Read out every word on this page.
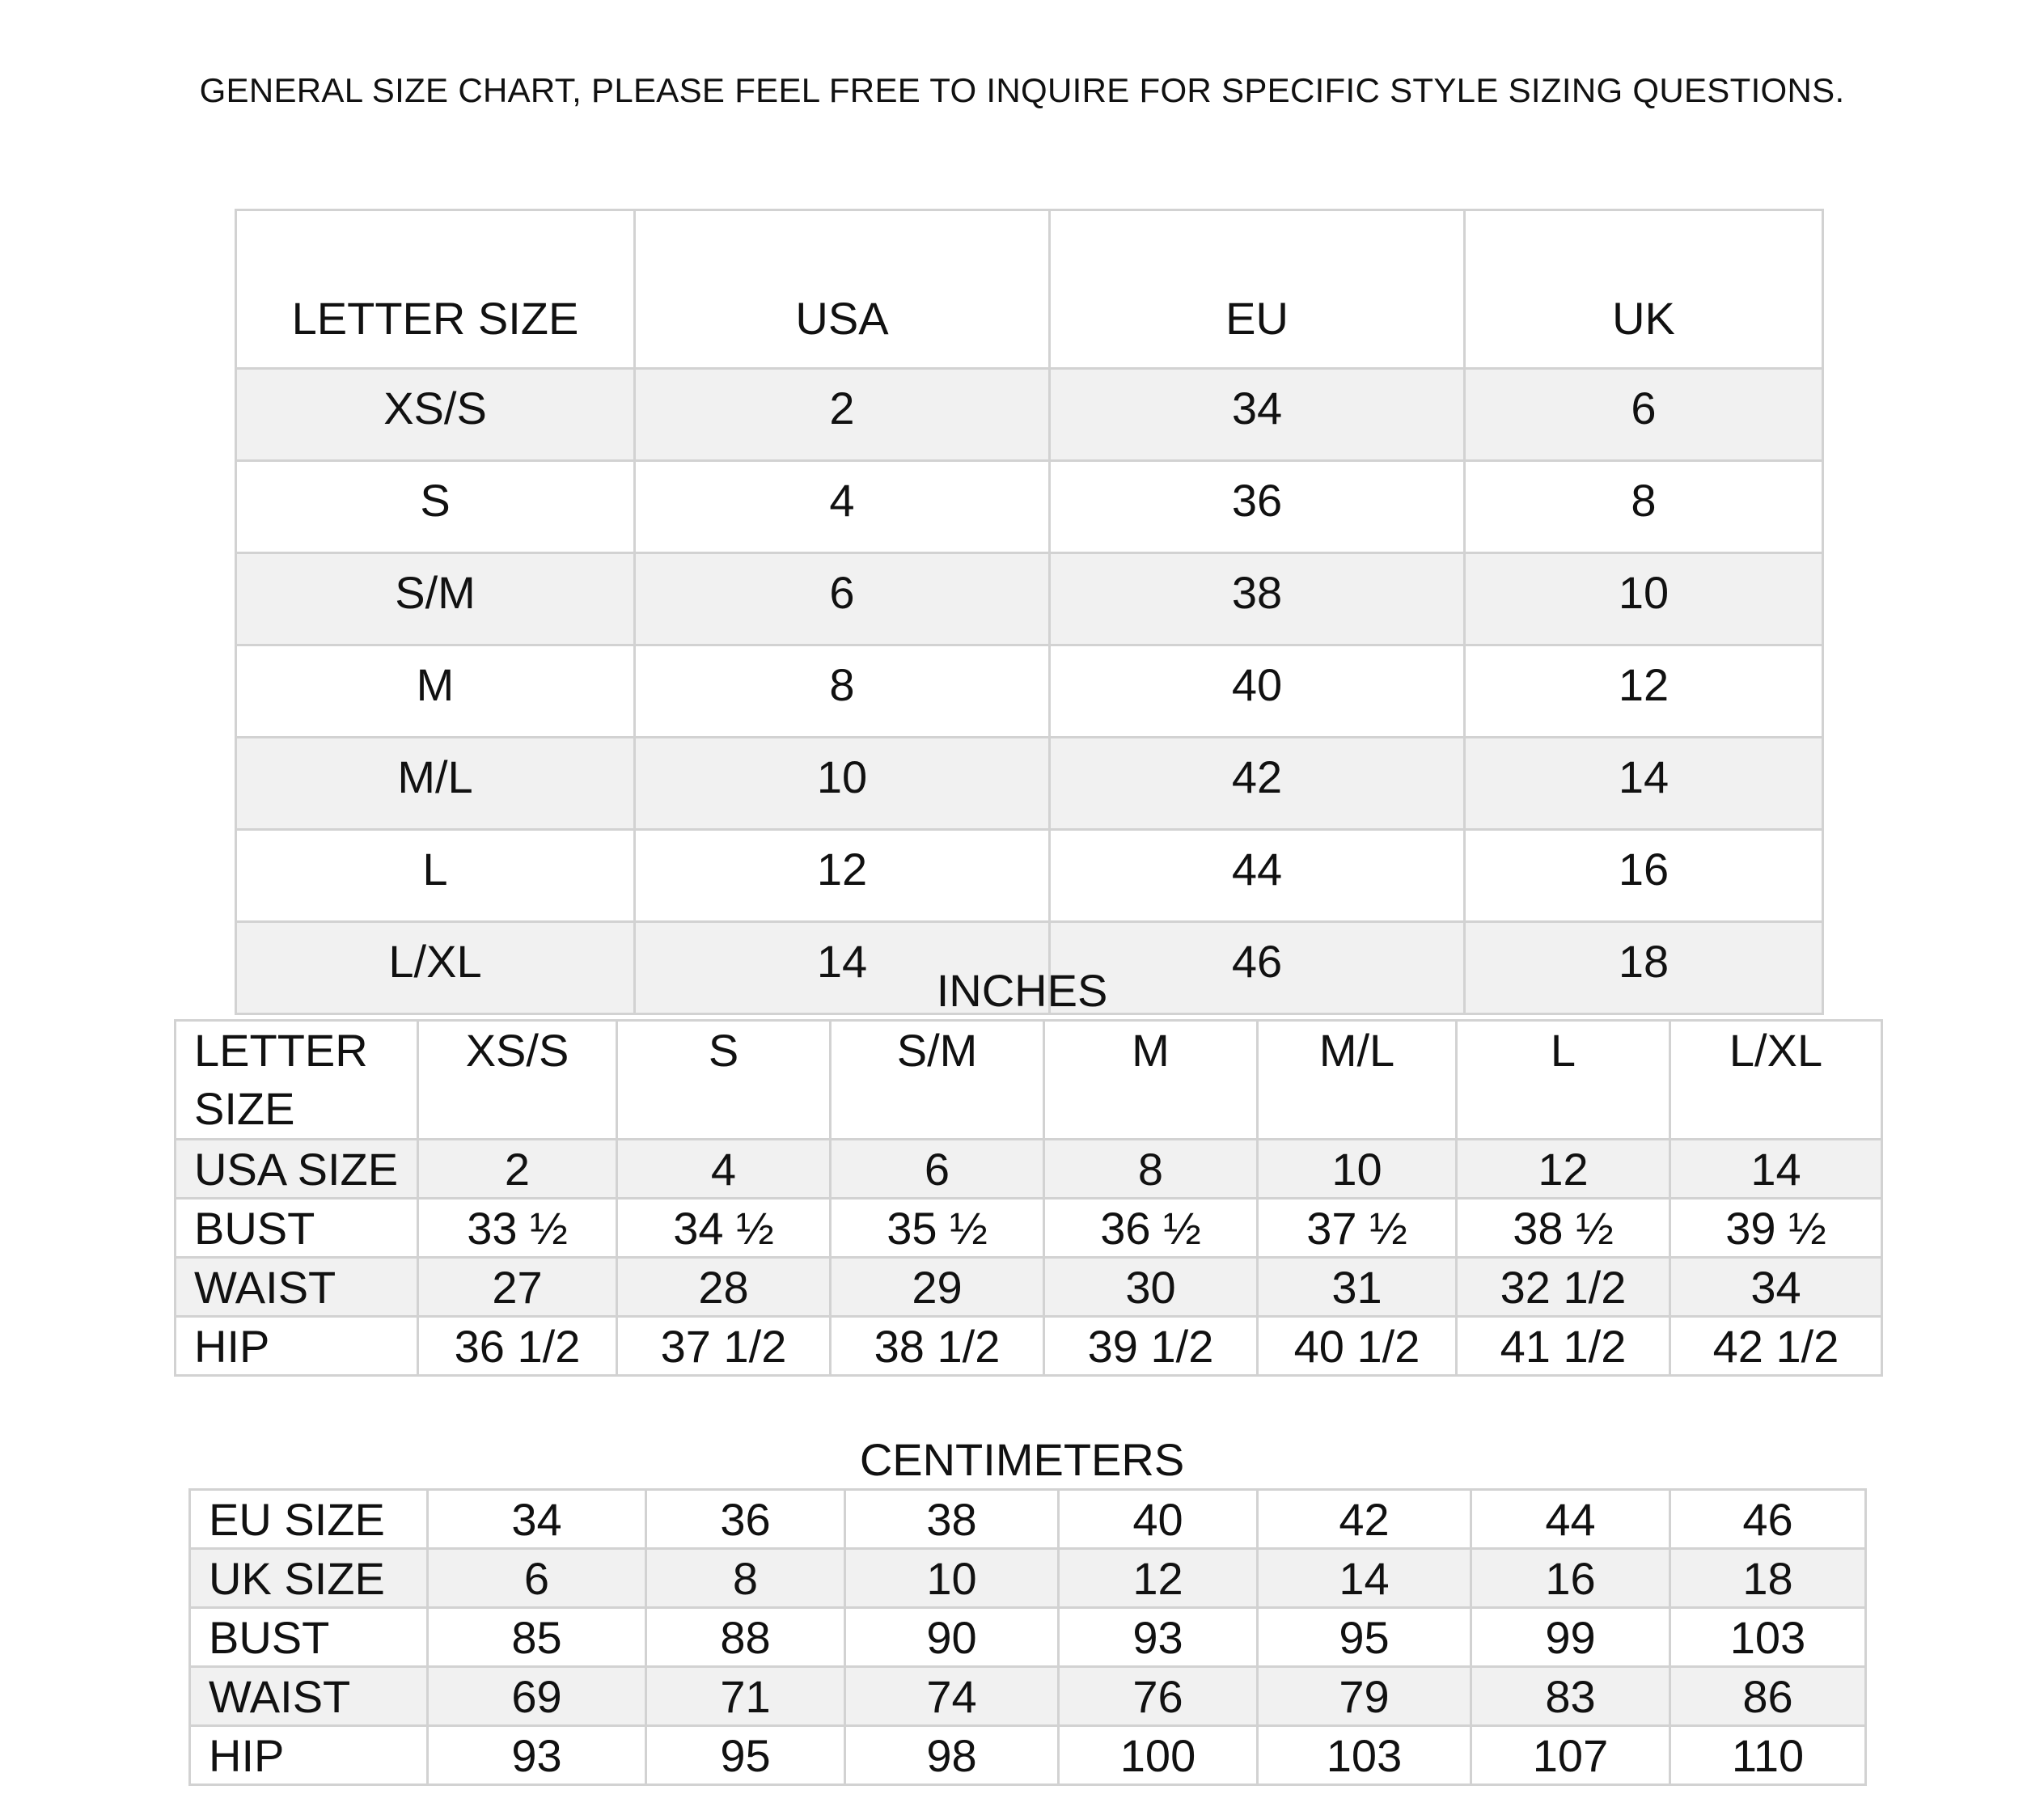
GENERAL SIZE CHART, PLEASE FEEL FREE TO INQUIRE FOR SPECIFIC STYLE SIZING QUESTIONS.
LETTER SIZE	USA	EU	UK
XS/S	2	34	6
S	4	36	8
S/M	6	38	10
M	8	40	12
M/L	10	42	14
L	12	44	16
L/XL	14	46	18
INCHES
LETTER SIZE	XS/S	S	S/M	M	M/L	L	L/XL
USA SIZE	2	4	6	8	10	12	14
BUST	33 ½	34 ½	35 ½	36 ½	37 ½	38 ½	39 ½
WAIST	27	28	29	30	31	32 1/2	34
HIP	36 1/2	37 1/2	38 1/2	39 1/2	40 1/2	41 1/2	42 1/2
CENTIMETERS
EU SIZE	34	36	38	40	42	44	46
UK SIZE	6	8	10	12	14	16	18
BUST	85	88	90	93	95	99	103
WAIST	69	71	74	76	79	83	86
HIP	93	95	98	100	103	107	110
